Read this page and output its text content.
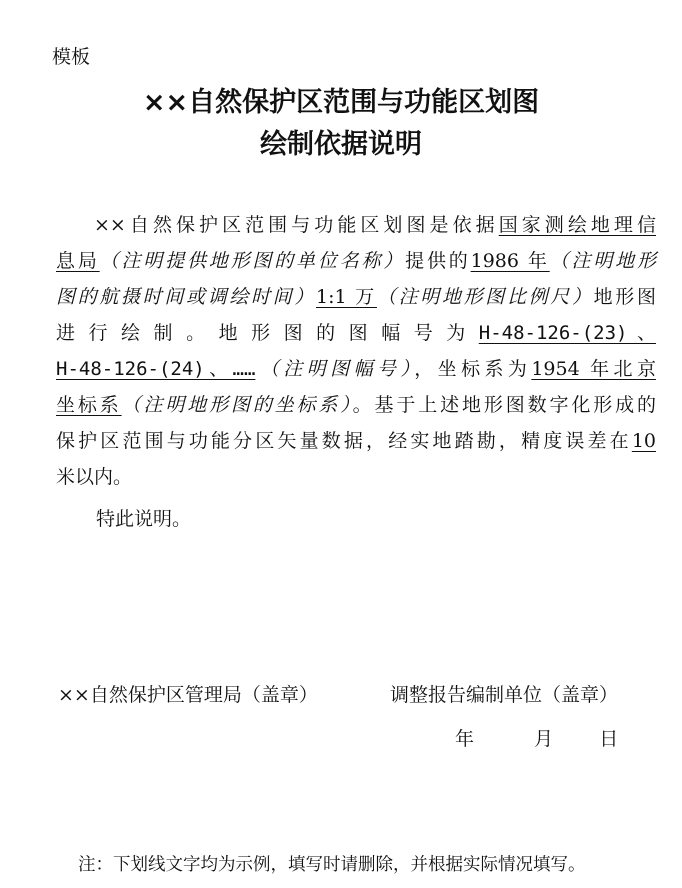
模板
××自然保护区范围与功能区划图
绘制依据说明
××自然保护区范围与功能区划图是依据国家测绘地理信
息局（注明提供地形图的单位名称）提供的1986 年（注明地形
图的航摄时间或调绘时间）1:1 万（注明地形图比例尺）地形图
进行绘制。地形图的图幅号为H-48-126-(23)、
H-48-126-(24)、……（注明图幅号），坐标系为1954 年北京
坐标系（注明地形图的坐标系）。基于上述地形图数字化形成的
保护区范围与功能分区矢量数据，经实地踏勘，精度误差在10
米以内。
特此说明。
××自然保护区管理局（盖章）	调整报告编制单位（盖章）
年	月 日
注：下划线文字均为示例，填写时请删除，并根据实际情况填写。
